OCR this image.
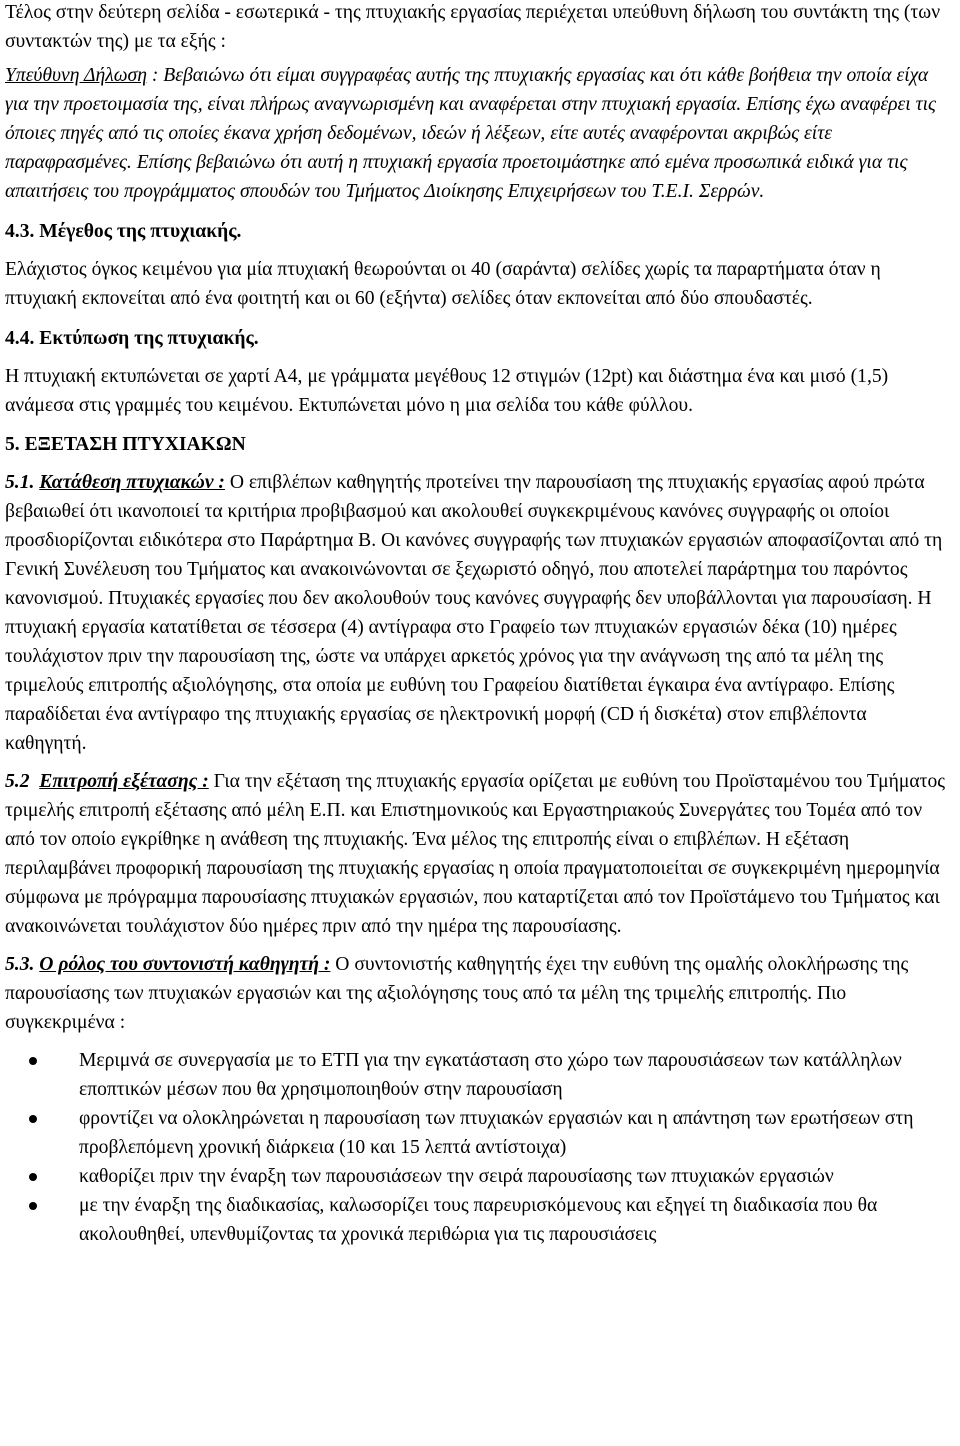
Τέλος στην δεύτερη σελίδα - εσωτερικά - της πτυχιακής εργασίας περιέχεται υπεύθυνη δήλωση του συντάκτη της (των συντακτών της) με τα εξής :

Υπεύθυνη Δήλωση : Βεβαιώνω ότι είμαι συγγραφέας αυτής της πτυχιακής εργασίας και ότι κάθε βοήθεια την οποία είχα για την προετοιμασία της, είναι πλήρως αναγνωρισμένη και αναφέρεται στην πτυχιακή εργασία. Επίσης έχω αναφέρει τις όποιες πηγές από τις οποίες έκανα χρήση δεδομένων, ιδεών ή λέξεων, είτε αυτές αναφέρονται ακριβώς είτε παραφρασμένες. Επίσης βεβαιώνω ότι αυτή η πτυχιακή εργασία προετοιμάστηκε από εμένα προσωπικά ειδικά για τις απαιτήσεις του προγράμματος σπουδών του Τμήματος Διοίκησης Επιχειρήσεων του Τ.Ε.Ι. Σερρών.

4.3. Μέγεθος της πτυχιακής.

Ελάχιστος όγκος κειμένου για μία πτυχιακή θεωρούνται οι 40 (σαράντα) σελίδες χωρίς τα παραρτήματα όταν η πτυχιακή εκπονείται από ένα φοιτητή και οι 60 (εξήντα) σελίδες όταν εκπονείται από δύο σπουδαστές.

4.4. Εκτύπωση της πτυχιακής.

Η πτυχιακή εκτυπώνεται σε χαρτί Α4, με γράμματα μεγέθους 12 στιγμών (12pt) και διάστημα ένα και μισό (1,5) ανάμεσα στις γραμμές του κειμένου. Εκτυπώνεται μόνο η μια σελίδα του κάθε φύλλου.

5. ΕΞΕΤΑΣΗ ΠΤΥΧΙΑΚΩΝ

5.1. Κατάθεση πτυχιακών : Ο επιβλέπων καθηγητής προτείνει την παρουσίαση της πτυχιακής εργασίας αφού πρώτα βεβαιωθεί ότι ικανοποιεί τα κριτήρια προβιβασμού και ακολουθεί συγκεκριμένους κανόνες συγγραφής οι οποίοι προσδιορίζονται ειδικότερα στο Παράρτημα Β. Οι κανόνες συγγραφής των πτυχιακών εργασιών αποφασίζονται από τη Γενική Συνέλευση του Τμήματος και ανακοινώνονται σε ξεχωριστό οδηγό, που αποτελεί παράρτημα του παρόντος κανονισμού. Πτυχιακές εργασίες που δεν ακολουθούν τους κανόνες συγγραφής δεν υποβάλλονται για παρουσίαση. Η πτυχιακή εργασία κατατίθεται σε τέσσερα (4) αντίγραφα στο Γραφείο των πτυχιακών εργασιών δέκα (10) ημέρες τουλάχιστον πριν την παρουσίαση της, ώστε να υπάρχει αρκετός χρόνος για την ανάγνωση της από τα μέλη της τριμελούς επιτροπής αξιολόγησης, στα οποία με ευθύνη του Γραφείου διατίθεται έγκαιρα ένα αντίγραφο. Επίσης παραδίδεται ένα αντίγραφο της πτυχιακής εργασίας σε ηλεκτρονική μορφή (CD ή δισκέτα) στον επιβλέποντα καθηγητή.

5.2 Επιτροπή εξέτασης : Για την εξέταση της πτυχιακής εργασία ορίζεται με ευθύνη του Προϊσταμένου του Τμήματος τριμελής επιτροπή εξέτασης από μέλη Ε.Π. και Επιστημονικούς και Εργαστηριακούς Συνεργάτες του Τομέα από τον από τον οποίο εγκρίθηκε η ανάθεση της πτυχιακής. Ένα μέλος της επιτροπής είναι ο επιβλέπων. Η εξέταση περιλαμβάνει προφορική παρουσίαση της πτυχιακής εργασίας η οποία πραγματοποιείται σε συγκεκριμένη ημερομηνία σύμφωνα με πρόγραμμα παρουσίασης πτυχιακών εργασιών, που καταρτίζεται από τον Προϊστάμενο του Τμήματος και ανακοινώνεται τουλάχιστον δύο ημέρες πριν από την ημέρα της παρουσίασης.

5.3. Ο ρόλος του συντονιστή καθηγητή : Ο συντονιστής καθηγητής έχει την ευθύνη της ομαλής ολοκλήρωσης της παρουσίασης των πτυχιακών εργασιών και της αξιολόγησης τους από τα μέλη της τριμελής επιτροπής. Πιο συγκεκριμένα :

Μεριμνά σε συνεργασία με το ΕΤΠ για την εγκατάσταση στο χώρο των παρουσιάσεων των κατάλληλων εποπτικών μέσων που θα χρησιμοποιηθούν στην παρουσίαση
φροντίζει να ολοκληρώνεται η παρουσίαση των πτυχιακών εργασιών και η απάντηση των ερωτήσεων στη προβλεπόμενη χρονική διάρκεια (10 και 15 λεπτά αντίστοιχα)
καθορίζει πριν την έναρξη των παρουσιάσεων την σειρά παρουσίασης των πτυχιακών εργασιών
με την έναρξη της διαδικασίας, καλωσορίζει τους παρευρισκόμενους και εξηγεί τη διαδικασία που θα ακολουθηθεί, υπενθυμίζοντας τα χρονικά περιθώρια για τις παρουσιάσεις
